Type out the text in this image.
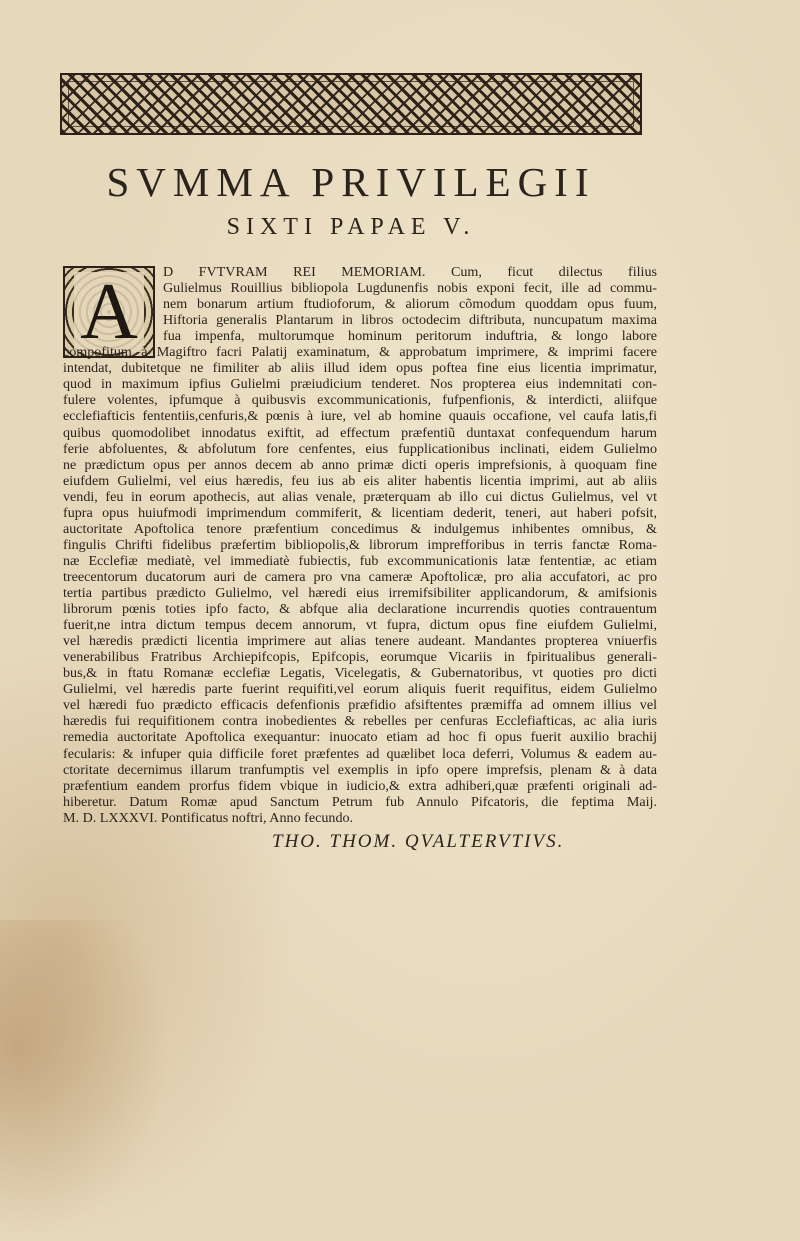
SVMMA PRIVILEGII
SIXTI PAPAE V.
A	D FVTVRAM REI MEMORIAM. Cum, ficut dilectus filius
Gulielmus Rouillius bibliopola Lugdunenfis nobis exponi fecit, ille ad commu-
nem bonarum artium ftudioforum, & aliorum cõmodum quoddam opus fuum,
Hiftoria generalis Plantarum in libros octodecim diftributa, nuncupatum maxima
fua impenfa, multorumque hominum peritorum induftria, & longo labore
compofitum à Magiftro facri Palatij examinatum, & approbatum imprimere, & imprimi facere
intendat, dubitetque ne fimiliter ab aliis illud idem opus poftea fine eius licentia imprimatur,
quod in maximum ipfius Gulielmi præiudicium tenderet. Nos propterea eius indemnitati con-
fulere volentes, ipfumque à quibusvis excommunicationis, fufpenfionis, & interdicti, aliifque
ecclefiafticis fententiis,cenfuris,& pœnis à iure, vel ab homine quauis occafione, vel caufa latis,fi
quibus quomodolibet innodatus exiftit, ad effectum præfentiũ duntaxat confequendum harum
ferie abfoluentes, & abfolutum fore cenfentes, eius fupplicationibus inclinati, eidem Gulielmo
ne prædictum opus per annos decem ab anno primæ dicti operis imprefsionis, à quoquam fine
eiufdem Gulielmi, vel eius hæredis, feu ius ab eis aliter habentis licentia imprimi, aut ab aliis
vendi, feu in eorum apothecis, aut alias venale, præterquam ab illo cui dictus Gulielmus, vel vt
fupra opus huiufmodi imprimendum commiferit, & licentiam dederit, teneri, aut haberi pofsit,
auctoritate Apoftolica tenore præfentium concedimus & indulgemus inhibentes omnibus, &
fingulis Chrifti fidelibus præfertim bibliopolis,& librorum imprefforibus in terris fanctæ Roma-
næ Ecclefiæ mediatè, vel immediatè fubiectis, fub excommunicationis latæ fententiæ, ac etiam
treecentorum ducatorum auri de camera pro vna cameræ Apoftolicæ, pro alia accufatori, ac pro
tertia partibus prædicto Gulielmo, vel hæredi eius irremifsibiliter applicandorum, & amifsionis
librorum pœnis toties ipfo facto, & abfque alia declaratione incurrendis quoties contrauentum
fuerit,ne intra dictum tempus decem annorum, vt fupra, dictum opus fine eiufdem Gulielmi,
vel hæredis prædicti licentia imprimere aut alias tenere audeant. Mandantes propterea vniuerfis
venerabilibus Fratribus Archiepifcopis, Epifcopis, eorumque Vicariis in fpiritualibus generali-
bus,& in ftatu Romanæ ecclefiæ Legatis, Vicelegatis, & Gubernatoribus, vt quoties pro dicti
Gulielmi, vel hæredis parte fuerint requifiti,vel eorum aliquis fuerit requifitus, eidem Gulielmo
vel hæredi fuo prædicto efficacis defenfionis præfidio afsiftentes præmiffa ad omnem illius vel
hæredis fui requifitionem contra inobedientes & rebelles per cenfuras Ecclefiafticas, ac alia iuris
remedia auctoritate Apoftolica exequantur: inuocato etiam ad hoc fi opus fuerit auxilio brachij
fecularis: & infuper quia difficile foret præfentes ad quælibet loca deferri, Volumus & eadem au-
ctoritate decernimus illarum tranfumptis vel exemplis in ipfo opere imprefsis, plenam & à data
præfentium eandem prorfus fidem vbique in iudicio,& extra adhiberi,quæ præfenti originali ad-
hiberetur. Datum Romæ apud Sanctum Petrum fub Annulo Pifcatoris, die feptima Maij.
M. D. LXXXVI. Pontificatus noftri, Anno fecundo.
THO. THOM. QVALTERVTIVS.
